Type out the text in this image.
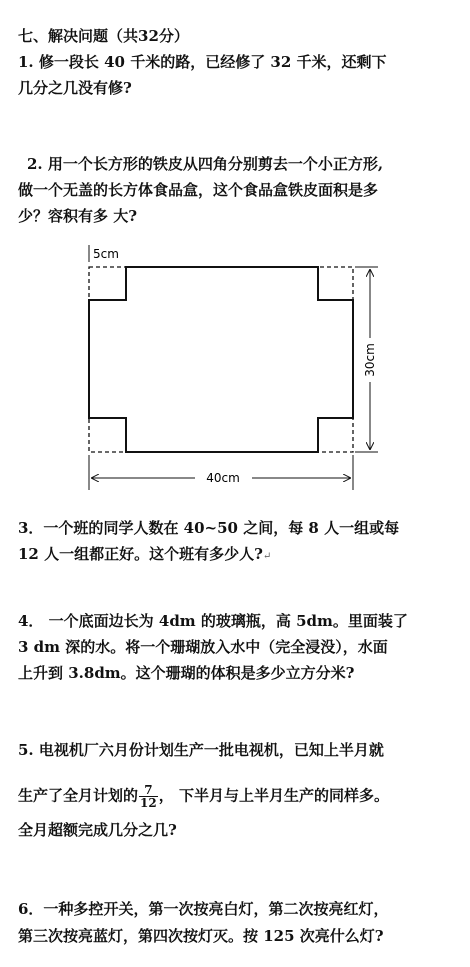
七、解决问题（共32分）
1. 修一段长 40 千米的路，已经修了 32 千米，还剩下
几分之几没有修?
2. 用一个长方形的铁皮从四角分别剪去一个小正方形,
做一个无盖的长方体食品盒，这个食品盒铁皮面积是多
少？容积有多 大?
5cm
30cm
40cm
3．一个班的同学人数在 40~50 之间，每 8 人一组或每
12 人一组都正好。这个班有多少人?↵
4． 一个底面边长为 4dm 的玻璃瓶，高 5dm。里面装了
3 dm 深的水。将一个珊瑚放入水中（完全浸没），水面
上升到 3.8dm。这个珊瑚的体积是多少立方分米?
5. 电视机厂六月份计划生产一批电视机，已知上半月就
生产了全月计划的 $\frac{7}{12}$ ， 下半月与上半月生产的同样多。
全月超额完成几分之几?
6．一种多控开关，第一次按亮白灯，第二次按亮红灯，
第三次按亮蓝灯，第四次按灯灭。按 125 次亮什么灯?
